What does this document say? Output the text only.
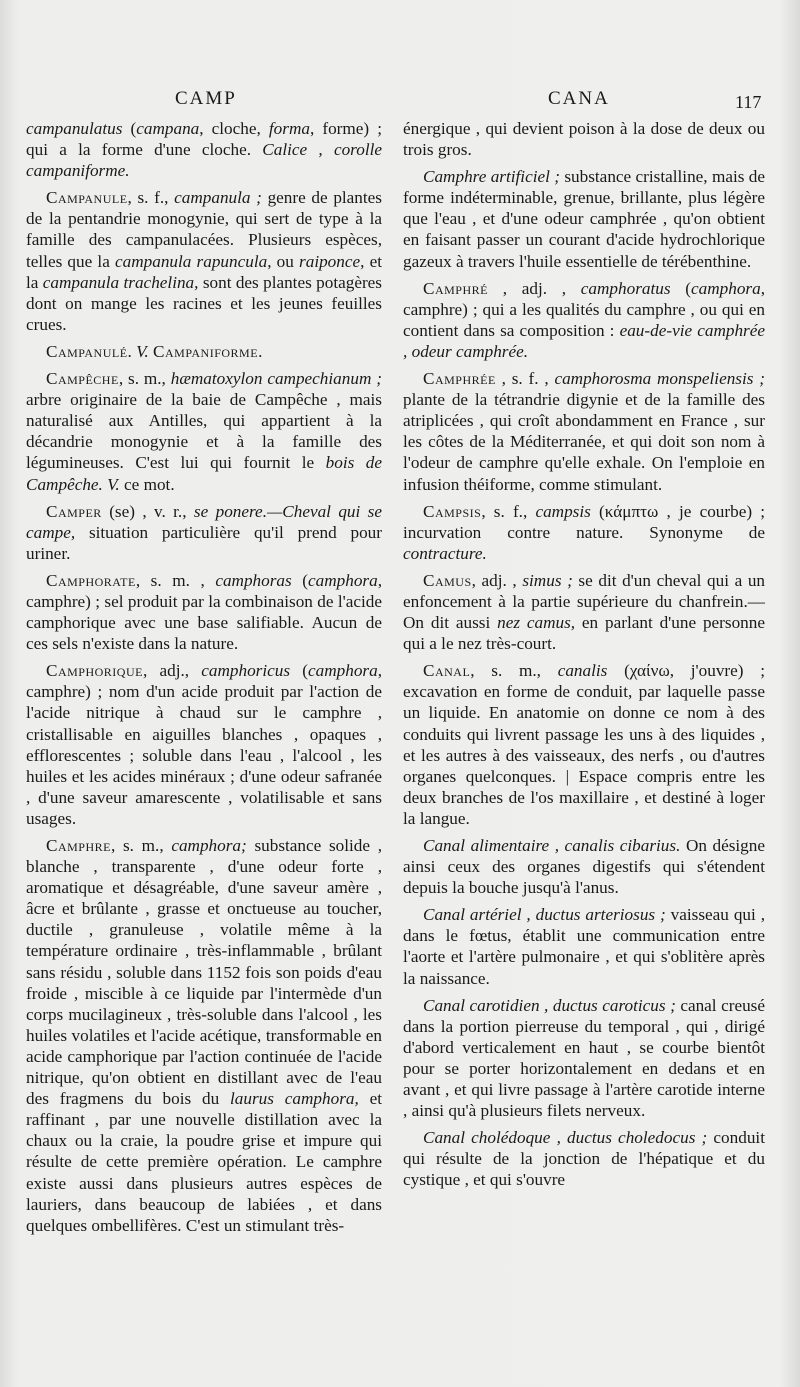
CAMP	CANA	117

campanulatus (campana, cloche, forma, forme) ; qui a la forme d'une cloche. Calice , corolle campaniforme.

Campanule, s. f., campanula ; genre de plantes de la pentandrie monogynie, qui sert de type à la famille des campanulacées. Plusieurs espèces, telles que la campanula rapuncula, ou raiponce, et la campanula trachelina, sont des plantes potagères dont on mange les racines et les jeunes feuilles crues.

Campanulé. V. Campaniforme.

Campêche, s. m., hæmatoxylon campechianum ; arbre originaire de la baie de Campêche , mais naturalisé aux Antilles, qui appartient à la décandrie monogynie et à la famille des légumineuses. C'est lui qui fournit le bois de Campêche. V. ce mot.

Camper (se) , v. r., se ponere.—Cheval qui se campe, situation particulière qu'il prend pour uriner.

Camphorate, s. m. , camphoras (camphora, camphre) ; sel produit par la combinaison de l'acide camphorique avec une base salifiable. Aucun de ces sels n'existe dans la nature.

Camphorique, adj., camphoricus (camphora, camphre) ; nom d'un acide produit par l'action de l'acide nitrique à chaud sur le camphre , cristallisable en aiguilles blanches , opaques , efflorescentes ; soluble dans l'eau , l'alcool , les huiles et les acides minéraux ; d'une odeur safranée , d'une saveur amarescente , volatilisable et sans usages.

Camphre, s. m., camphora; substance solide , blanche , transparente , d'une odeur forte , aromatique et désagréable, d'une saveur amère , âcre et brûlante , grasse et onctueuse au toucher, ductile , granuleuse , volatile même à la température ordinaire , très-inflammable , brûlant sans résidu , soluble dans 1152 fois son poids d'eau froide , miscible à ce liquide par l'intermède d'un corps mucilagineux , très-soluble dans l'alcool , les huiles volatiles et l'acide acétique, transformable en acide camphorique par l'action continuée de l'acide nitrique, qu'on obtient en distillant avec de l'eau des fragmens du bois du laurus camphora, et raffinant , par une nouvelle distillation avec la chaux ou la craie, la poudre grise et impure qui résulte de cette première opération. Le camphre existe aussi dans plusieurs autres espèces de lauriers, dans beaucoup de labiées , et dans quelques ombellifères. C'est un stimulant très-

énergique , qui devient poison à la dose de deux ou trois gros.

Camphre artificiel ; substance cristalline, mais de forme indéterminable, grenue, brillante, plus légère que l'eau , et d'une odeur camphrée , qu'on obtient en faisant passer un courant d'acide hydrochlorique gazeux à travers l'huile essentielle de térébenthine.

Camphré , adj. , camphoratus (camphora, camphre) ; qui a les qualités du camphre , ou qui en contient dans sa composition : eau-de-vie camphrée , odeur camphrée.

Camphrée , s. f. , camphorosma monspeliensis ; plante de la tétrandrie digynie et de la famille des atriplicées , qui croît abondamment en France , sur les côtes de la Méditerranée, et qui doit son nom à l'odeur de camphre qu'elle exhale. On l'emploie en infusion théiforme, comme stimulant.

Campsis, s. f., campsis (κάμπτω , je courbe) ; incurvation contre nature. Synonyme de contracture.

Camus, adj. , simus ; se dit d'un cheval qui a un enfoncement à la partie supérieure du chanfrein.—On dit aussi nez camus, en parlant d'une personne qui a le nez très-court.

Canal, s. m., canalis (χαίνω, j'ouvre) ; excavation en forme de conduit, par laquelle passe un liquide. En anatomie on donne ce nom à des conduits qui livrent passage les uns à des liquides , et les autres à des vaisseaux, des nerfs , ou d'autres organes quelconques. | Espace compris entre les deux branches de l'os maxillaire , et destiné à loger la langue.

Canal alimentaire , canalis cibarius. On désigne ainsi ceux des organes digestifs qui s'étendent depuis la bouche jusqu'à l'anus.

Canal artériel , ductus arteriosus ; vaisseau qui , dans le fœtus, établit une communication entre l'aorte et l'artère pulmonaire , et qui s'oblitère après la naissance.

Canal carotidien , ductus caroticus ; canal creusé dans la portion pierreuse du temporal , qui , dirigé d'abord verticalement en haut , se courbe bientôt pour se porter horizontalement en dedans et en avant , et qui livre passage à l'artère carotide interne , ainsi qu'à plusieurs filets nerveux.

Canal cholédoque , ductus choledocus ; conduit qui résulte de la jonction de l'hépatique et du cystique , et qui s'ouvre
